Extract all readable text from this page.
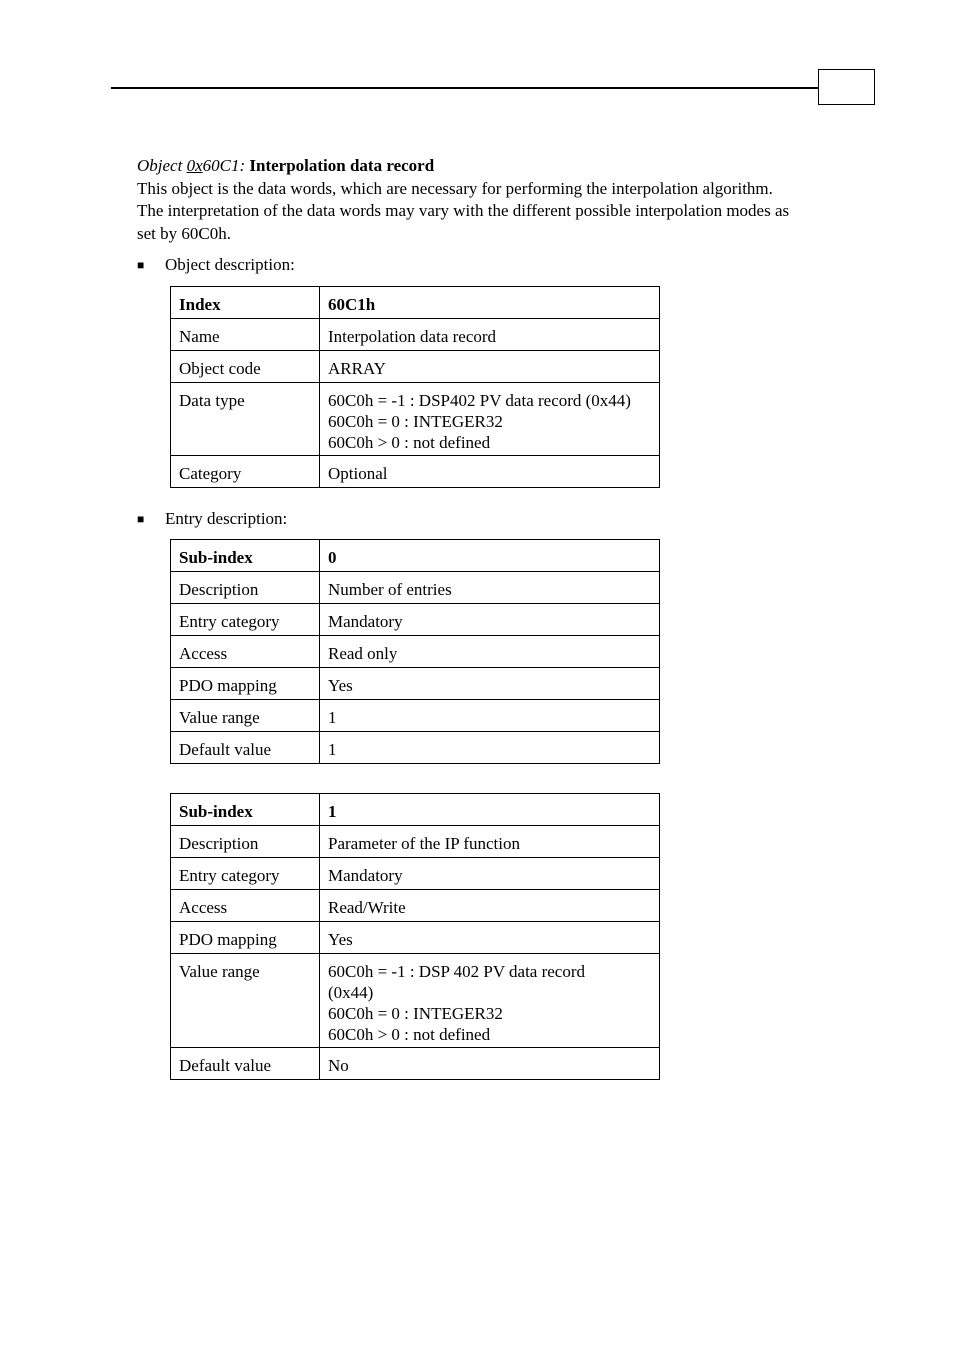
Object 0x60C1: Interpolation data record

This object is the data words, which are necessary for performing the interpolation algorithm. The interpretation of the data words may vary with the different possible interpolation modes as set by 60C0h.

■ Object description:

Index	60C1h
Name	Interpolation data record
Object code	ARRAY
Data type	60C0h = -1 : DSP402 PV data record (0x44)
60C0h = 0 : INTEGER32
60C0h > 0 : not defined

Category	Optional

■ Entry description:

Sub-index	0
Description	Number of entries
Entry category	Mandatory
Access	Read only
PDO mapping	Yes
Value range	1
Default value	1
Sub-index	1
Description	Parameter of the IP function
Entry category	Mandatory
Access	Read/Write
PDO mapping	Yes
Value range	60C0h = -1 : DSP 402 PV data record
(0x44)
60C0h = 0 : INTEGER32
60C0h > 0 : not defined

Default value	No
